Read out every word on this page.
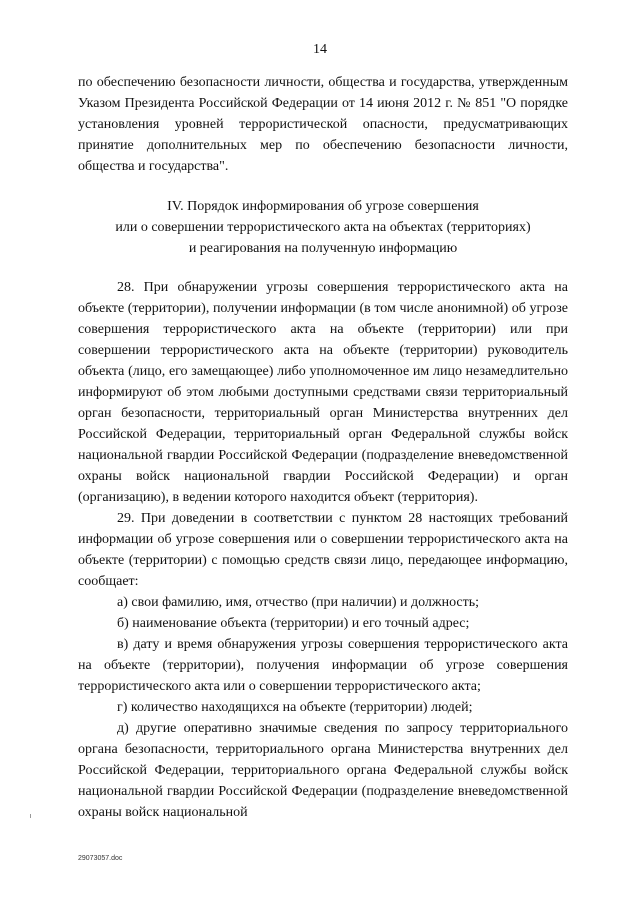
14

по обеспечению безопасности личности, общества и государства, утвержденным Указом Президента Российской Федерации от 14 июня 2012 г. № 851 "О порядке установления уровней террористической опасности, предусматривающих принятие дополнительных мер по обеспечению безопасности личности, общества и государства".

IV. Порядок информирования об угрозе совершения
или о совершении террористического акта на объектах (территориях)
и реагирования на полученную информацию

28. При обнаружении угрозы совершения террористического акта на объекте (территории), получении информации (в том числе анонимной) об угрозе совершения террористического акта на объекте (территории) или при совершении террористического акта на объекте (территории) руководитель объекта (лицо, его замещающее) либо уполномоченное им лицо незамедлительно информируют об этом любыми доступными средствами связи территориальный орган безопасности, территориальный орган Министерства внутренних дел Российской Федерации, территориальный орган Федеральной службы войск национальной гвардии Российской Федерации (подразделение вневедомственной охраны войск национальной гвардии Российской Федерации) и орган (организацию), в ведении которого находится объект (территория).

29. При доведении в соответствии с пунктом 28 настоящих требований информации об угрозе совершения или о совершении террористического акта на объекте (территории) с помощью средств связи лицо, передающее информацию, сообщает:

а) свои фамилию, имя, отчество (при наличии) и должность;

б) наименование объекта (территории) и его точный адрес;

в) дату и время обнаружения угрозы совершения террористического акта на объекте (территории), получения информации об угрозе совершения террористического акта или о совершении террористического акта;

г) количество находящихся на объекте (территории) людей;

д) другие оперативно значимые сведения по запросу территориального органа безопасности, территориального органа Министерства внутренних дел Российской Федерации, территориального органа Федеральной службы войск национальной гвардии Российской Федерации (подразделение вневедомственной охраны войск национальной

29073057.doc
